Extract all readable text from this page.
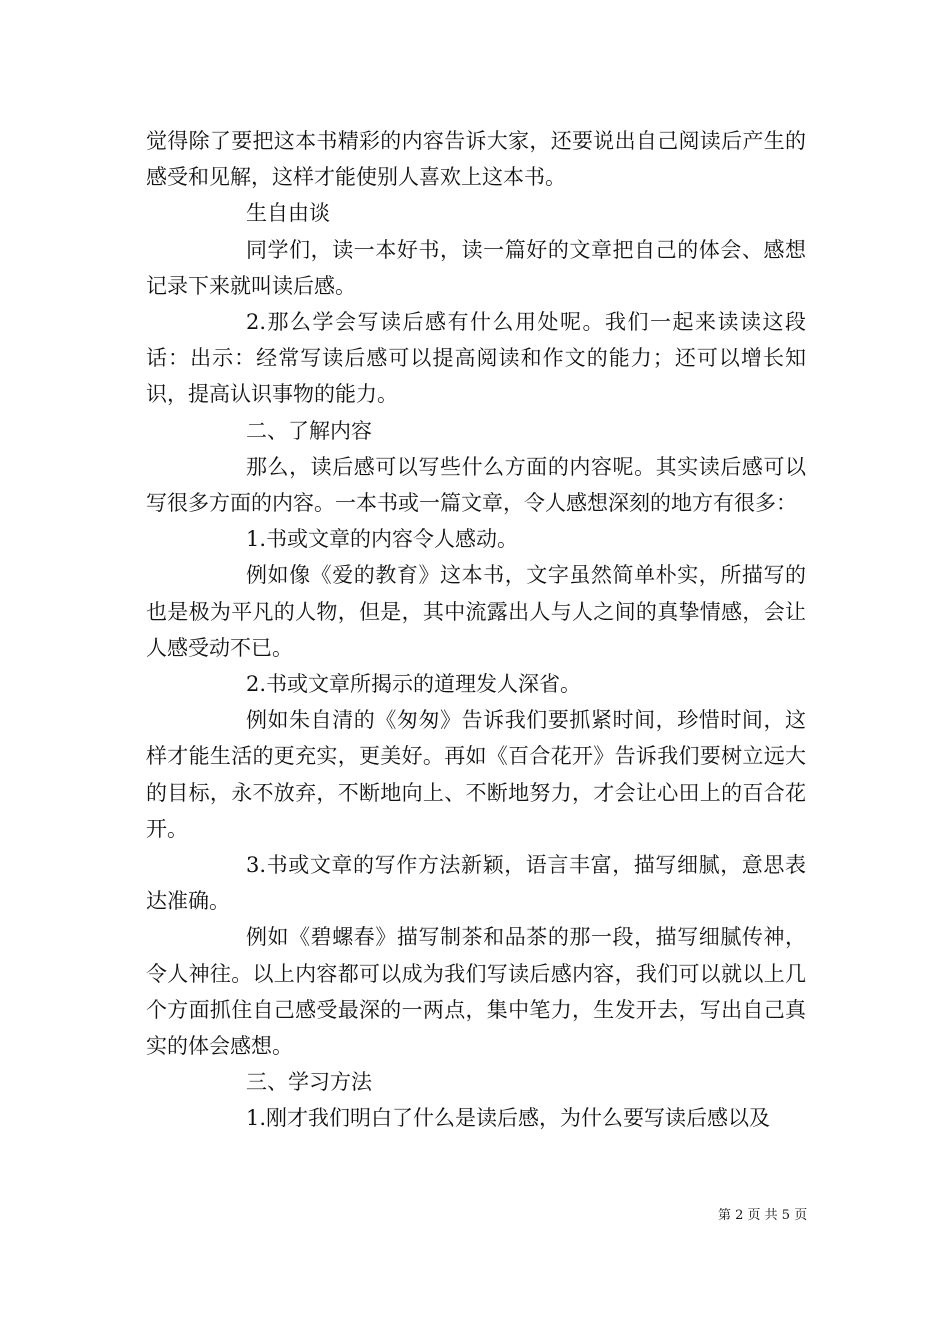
觉得除了要把这本书精彩的内容告诉大家，还要说出自己阅读后产生的感受和见解，这样才能使别人喜欢上这本书。

生自由谈

同学们，读一本好书，读一篇好的文章把自己的体会、感想记录下来就叫读后感。

2.那么学会写读后感有什么用处呢。我们一起来读读这段话：出示：经常写读后感可以提高阅读和作文的能力；还可以增长知识，提高认识事物的能力。

二、了解内容

那么，读后感可以写些什么方面的内容呢。其实读后感可以写很多方面的内容。一本书或一篇文章，令人感想深刻的地方有很多：

1.书或文章的内容令人感动。

例如像《爱的教育》这本书，文字虽然简单朴实，所描写的也是极为平凡的人物，但是，其中流露出人与人之间的真挚情感，会让人感受动不已。

2.书或文章所揭示的道理发人深省。

例如朱自清的《匆匆》告诉我们要抓紧时间，珍惜时间，这样才能生活的更充实，更美好。再如《百合花开》告诉我们要树立远大的目标，永不放弃，不断地向上、不断地努力，才会让心田上的百合花开。

3.书或文章的写作方法新颖，语言丰富，描写细腻，意思表达准确。

例如《碧螺春》描写制茶和品茶的那一段，描写细腻传神，令人神往。以上内容都可以成为我们写读后感内容，我们可以就以上几个方面抓住自己感受最深的一两点，集中笔力，生发开去，写出自己真实的体会感想。

三、学习方法

1.刚才我们明白了什么是读后感，为什么要写读后感以及

第 2 页 共 5 页
